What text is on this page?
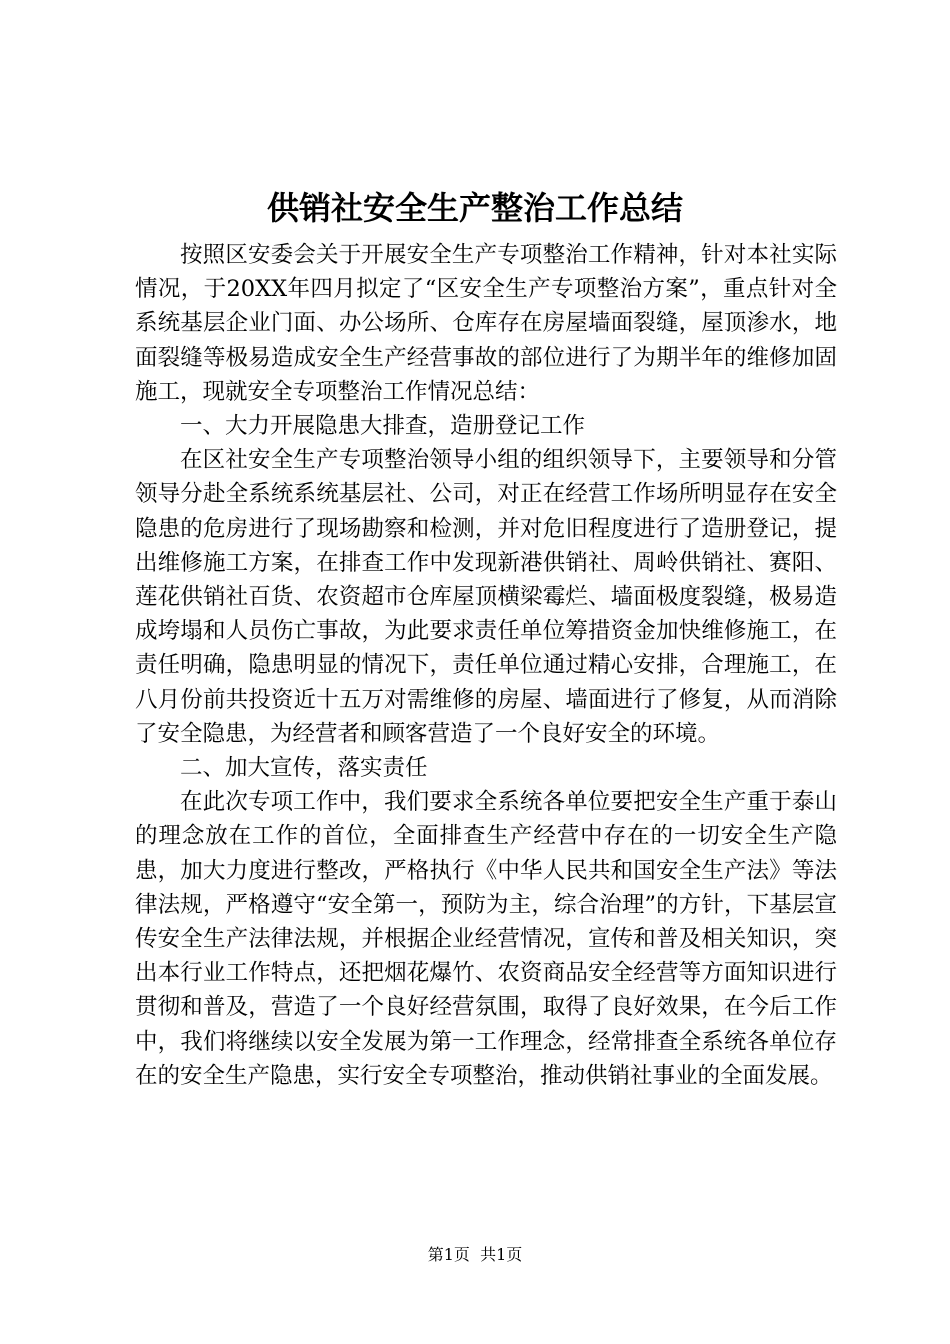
供销社安全生产整治工作总结

按照区安委会关于开展安全生产专项整治工作精神，针对本社实际情况，于20XX年四月拟定了“区安全生产专项整治方案”，重点针对全系统基层企业门面、办公场所、仓库存在房屋墙面裂缝，屋顶渗水，地面裂缝等极易造成安全生产经营事故的部位进行了为期半年的维修加固施工，现就安全专项整治工作情况总结：

一、大力开展隐患大排查，造册登记工作

在区社安全生产专项整治领导小组的组织领导下，主要领导和分管领导分赴全系统系统基层社、公司，对正在经营工作场所明显存在安全隐患的危房进行了现场勘察和检测，并对危旧程度进行了造册登记，提出维修施工方案，在排查工作中发现新港供销社、周岭供销社、赛阳、莲花供销社百货、农资超市仓库屋顶横梁霉烂、墙面极度裂缝，极易造成垮塌和人员伤亡事故，为此要求责任单位筹措资金加快维修施工，在责任明确，隐患明显的情况下，责任单位通过精心安排，合理施工，在八月份前共投资近十五万对需维修的房屋、墙面进行了修复，从而消除了安全隐患，为经营者和顾客营造了一个良好安全的环境。

二、加大宣传，落实责任

在此次专项工作中，我们要求全系统各单位要把安全生产重于泰山的理念放在工作的首位，全面排查生产经营中存在的一切安全生产隐患，加大力度进行整改，严格执行《中华人民共和国安全生产法》等法律法规，严格遵守“安全第一，预防为主，综合治理”的方针，下基层宣传安全生产法律法规，并根据企业经营情况，宣传和普及相关知识，突出本行业工作特点，还把烟花爆竹、农资商品安全经营等方面知识进行贯彻和普及，营造了一个良好经营氛围，取得了良好效果，在今后工作中，我们将继续以安全发展为第一工作理念，经常排查全系统各单位存在的安全生产隐患，实行安全专项整治，推动供销社事业的全面发展。

第1页  共1页
